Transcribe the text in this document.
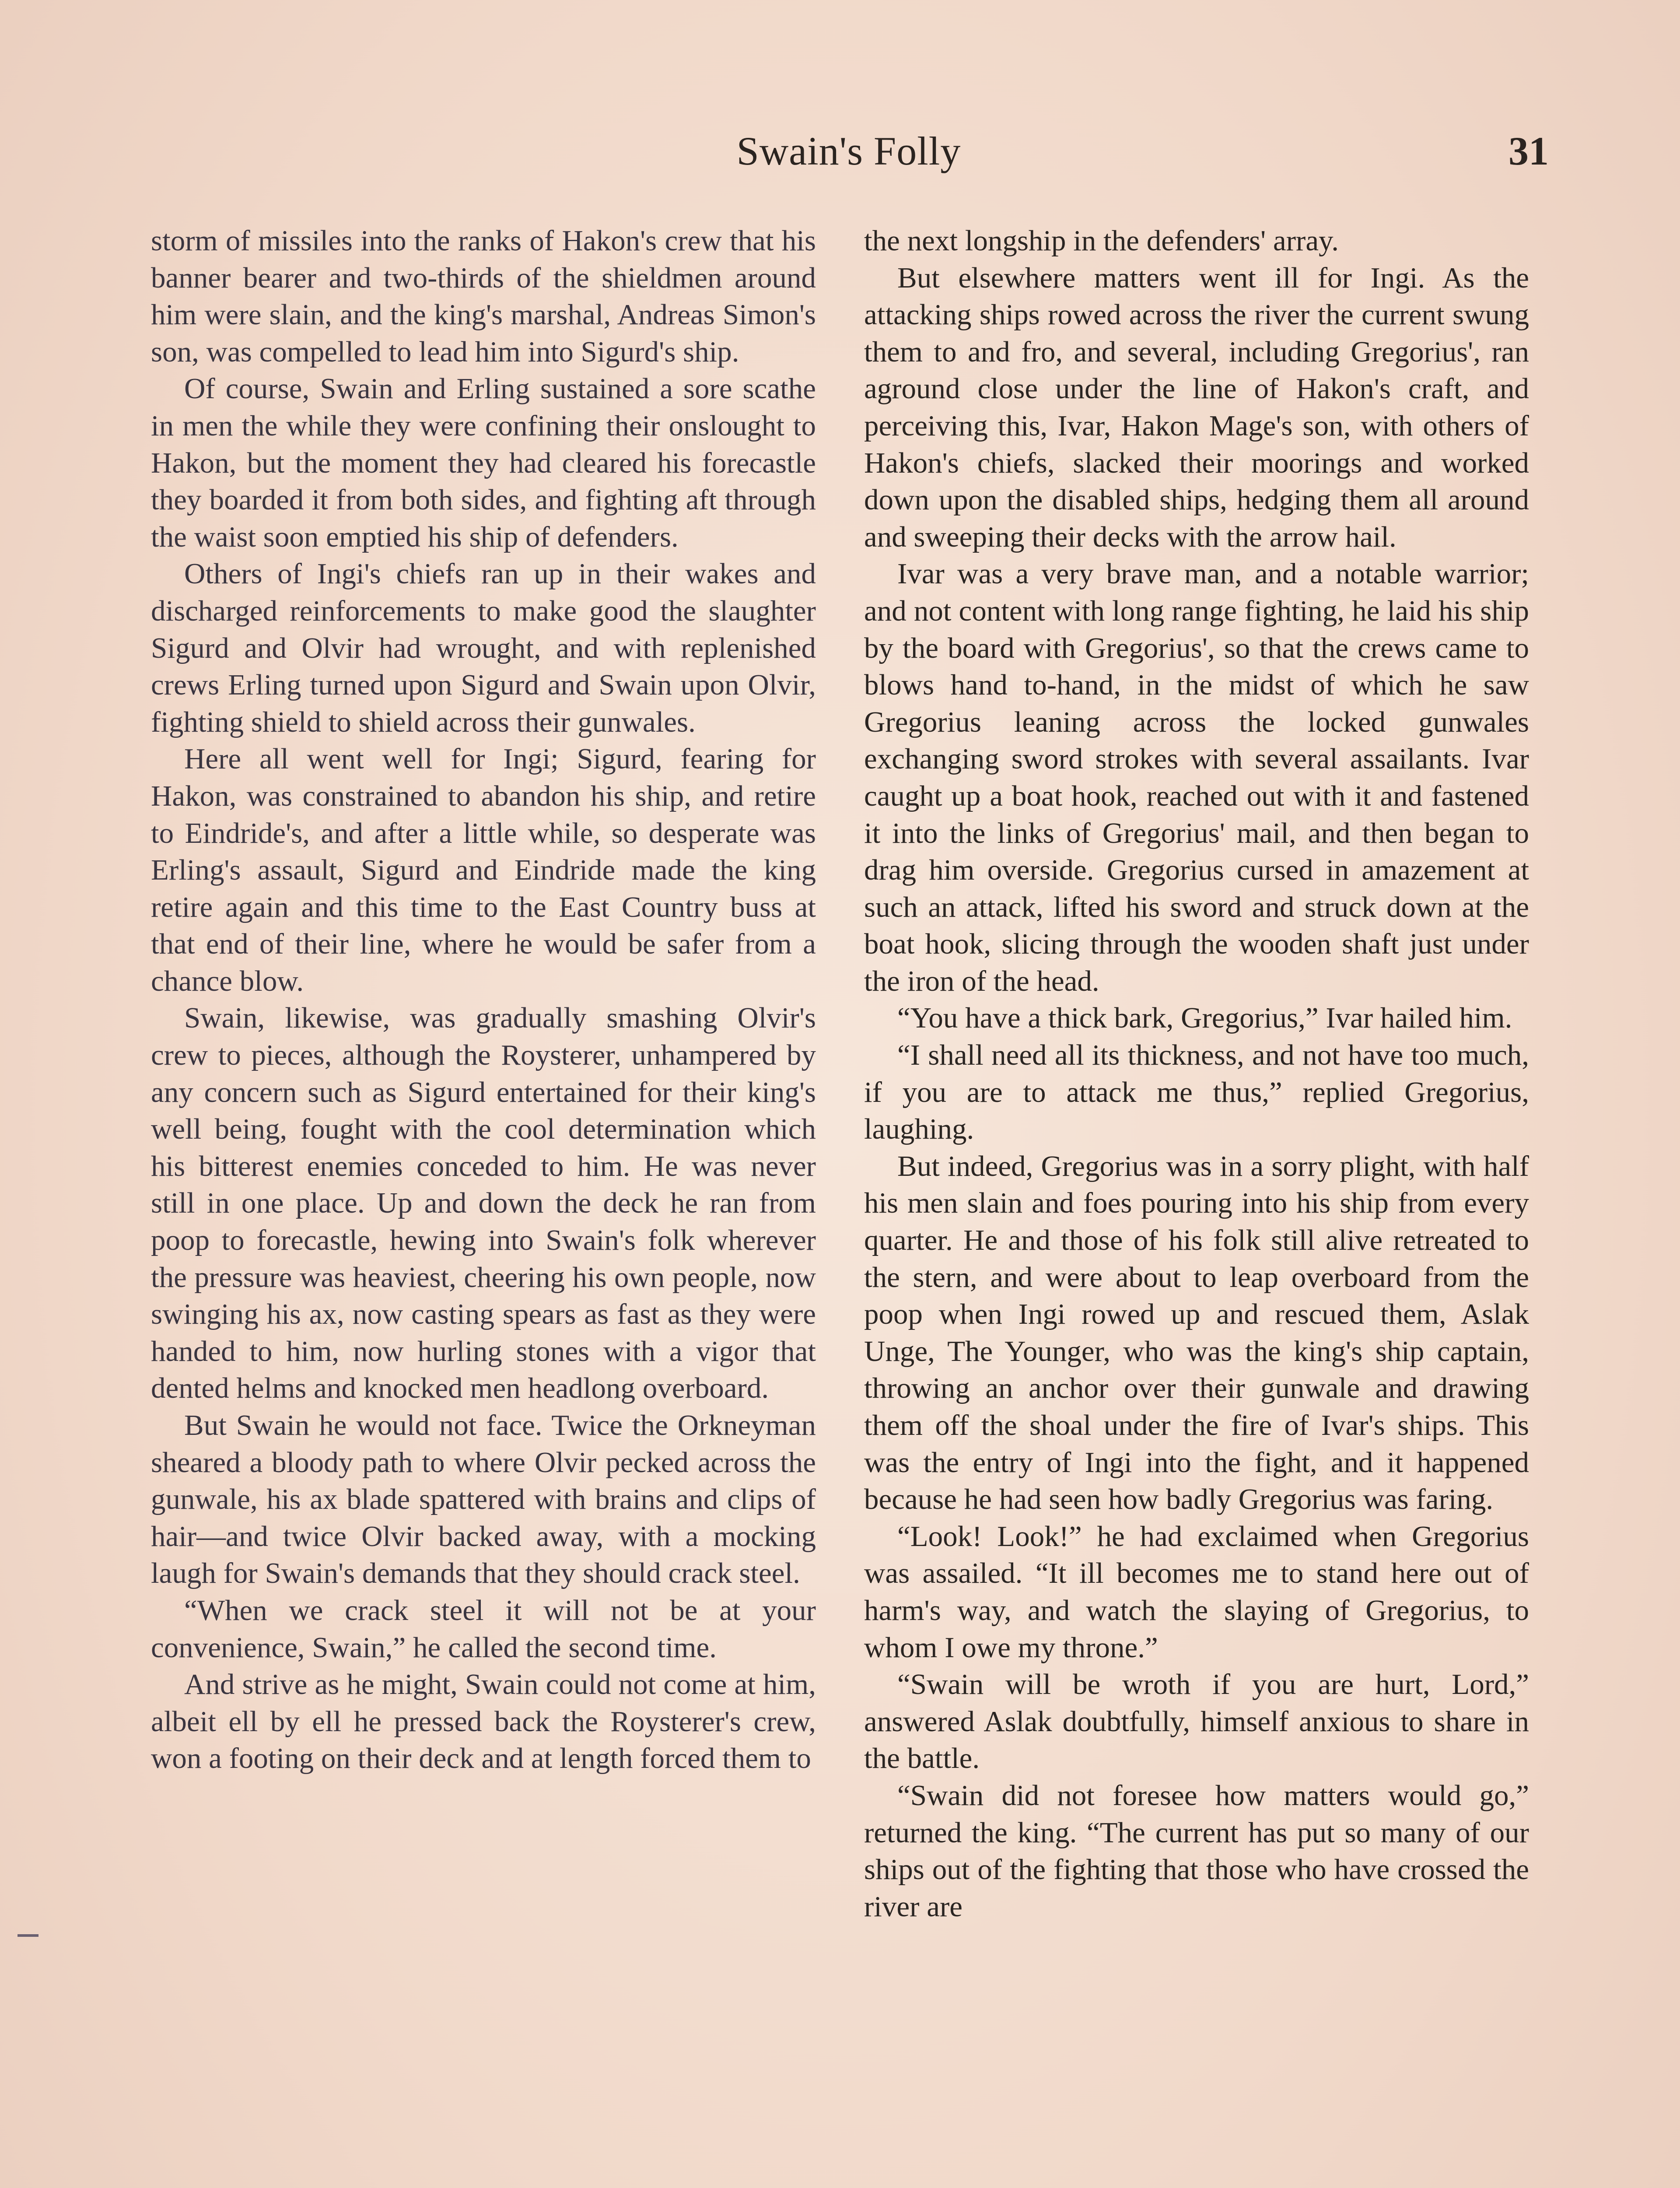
Swain's Folly	31

storm of missiles into the ranks of Hakon's crew that his banner bearer and two-thirds of the shieldmen around him were slain, and the king's marshal, Andreas Simon's son, was compelled to lead him into Sigurd's ship.

Of course, Swain and Erling sustained a sore scathe in men the while they were confining their onslought to Hakon, but the moment they had cleared his forecastle they boarded it from both sides, and fighting aft through the waist soon emptied his ship of defenders.

Others of Ingi's chiefs ran up in their wakes and discharged reinforcements to make good the slaughter Sigurd and Olvir had wrought, and with replenished crews Erling turned upon Sigurd and Swain upon Olvir, fighting shield to shield across their gunwales.

Here all went well for Ingi; Sigurd, fearing for Hakon, was constrained to abandon his ship, and retire to Eindride's, and after a little while, so desperate was Erling's assault, Sigurd and Eindride made the king retire again and this time to the East Country buss at that end of their line, where he would be safer from a chance blow.

Swain, likewise, was gradually smashing Olvir's crew to pieces, although the Roysterer, unhampered by any concern such as Sigurd entertained for their king's well being, fought with the cool determination which his bitterest enemies conceded to him. He was never still in one place. Up and down the deck he ran from poop to forecastle, hewing into Swain's folk wherever the pressure was heaviest, cheering his own people, now swinging his ax, now casting spears as fast as they were handed to him, now hurling stones with a vigor that dented helms and knocked men headlong overboard.

But Swain he would not face. Twice the Orkneyman sheared a bloody path to where Olvir pecked across the gunwale, his ax blade spattered with brains and clips of hair—and twice Olvir backed away, with a mocking laugh for Swain's demands that they should crack steel.

“When we crack steel it will not be at your convenience, Swain,” he called the second time.

And strive as he might, Swain could not come at him, albeit ell by ell he pressed back the Roysterer's crew, won a footing on their deck and at length forced them to

the next longship in the defenders' array.

But elsewhere matters went ill for Ingi. As the attacking ships rowed across the river the current swung them to and fro, and several, including Gregorius', ran aground close under the line of Hakon's craft, and perceiving this, Ivar, Hakon Mage's son, with others of Hakon's chiefs, slacked their moorings and worked down upon the disabled ships, hedging them all around and sweeping their decks with the arrow hail.

Ivar was a very brave man, and a notable warrior; and not content with long range fighting, he laid his ship by the board with Gregorius', so that the crews came to blows hand to-hand, in the midst of which he saw Gregorius leaning across the locked gunwales exchanging sword strokes with several assailants. Ivar caught up a boat hook, reached out with it and fastened it into the links of Gregorius' mail, and then began to drag him overside. Gregorius cursed in amazement at such an attack, lifted his sword and struck down at the boat hook, slicing through the wooden shaft just under the iron of the head.

“You have a thick bark, Gregorius,” Ivar hailed him.

“I shall need all its thickness, and not have too much, if you are to attack me thus,” replied Gregorius, laughing.

But indeed, Gregorius was in a sorry plight, with half his men slain and foes pouring into his ship from every quarter. He and those of his folk still alive retreated to the stern, and were about to leap overboard from the poop when Ingi rowed up and rescued them, Aslak Unge, The Younger, who was the king's ship captain, throwing an anchor over their gunwale and drawing them off the shoal under the fire of Ivar's ships. This was the entry of Ingi into the fight, and it happened because he had seen how badly Gregorius was faring.

“Look! Look!” he had exclaimed when Gregorius was assailed. “It ill becomes me to stand here out of harm's way, and watch the slaying of Gregorius, to whom I owe my throne.”

“Swain will be wroth if you are hurt, Lord,” answered Aslak doubtfully, himself anxious to share in the battle.

“Swain did not foresee how matters would go,” returned the king. “The current has put so many of our ships out of the fighting that those who have crossed the river are
